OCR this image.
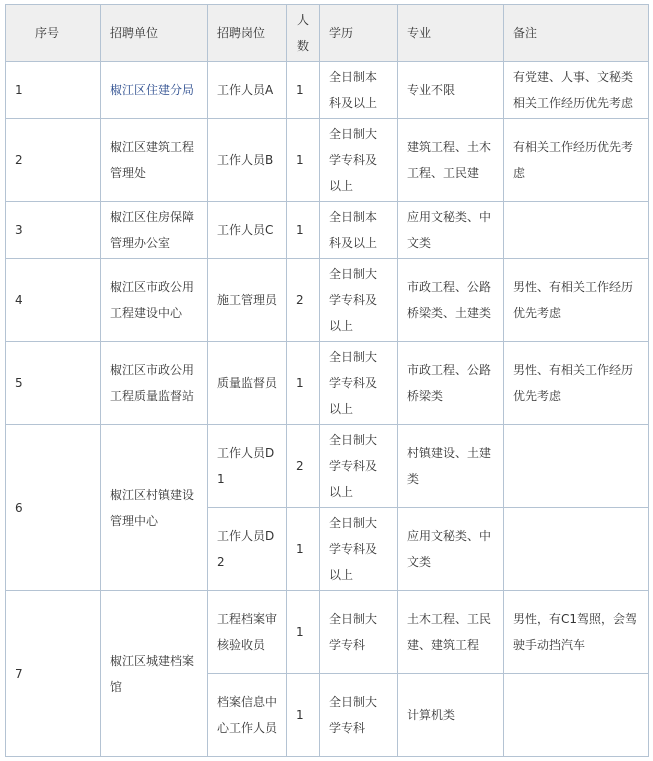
序号	招聘单位	招聘岗位	人数	学历	专业	备注
1	椒江区住建分局	工作人员A	1	全日制本科及以上	专业不限	有党建、人事、文秘类相关工作经历优先考虑
2	椒江区建筑工程管理处	工作人员B	1	全日制大学专科及以上	建筑工程、土木工程、工民建	有相关工作经历优先考虑
3	椒江区住房保障管理办公室	工作人员C	1	全日制本科及以上	应用文秘类、中文类	
4	椒江区市政公用工程建设中心	施工管理员	2	全日制大学专科及以上	市政工程、公路桥梁类、土建类	男性、有相关工作经历优先考虑
5	椒江区市政公用工程质量监督站	质量监督员	1	全日制大学专科及以上	市政工程、公路桥梁类	男性、有相关工作经历优先考虑
6	椒江区村镇建设管理中心	工作人员D1	2	全日制大学专科及以上	村镇建设、土建类	
		工作人员D2	1	全日制大学专科及以上	应用文秘类、中文类	
7	椒江区城建档案馆	工程档案审核验收员	1	全日制大学专科	土木工程、工民建、建筑工程	男性，有C1驾照，会驾驶手动挡汽车
		档案信息中心工作人员	1	全日制大学专科	计算机类	
